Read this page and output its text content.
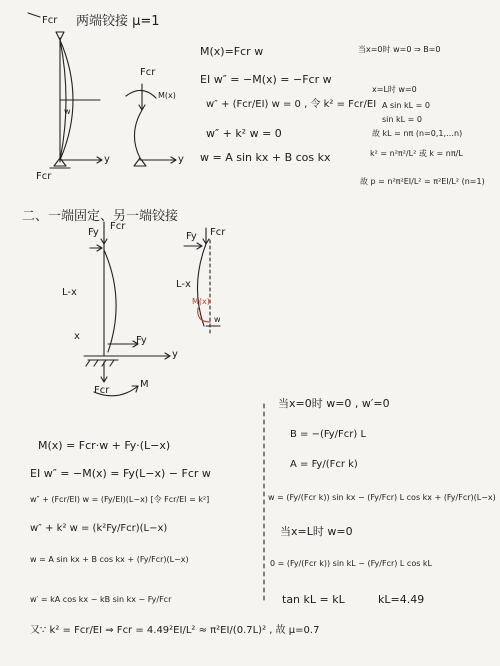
Fcr 两端铰接 μ=1
w
Fcr
y
Fcr
M(x)
y
M(x)=Fcr w
EI w″ = −M(x) = −Fcr w
w″ + (Fcr/EI) w = 0 , 令 k² = Fcr/EI
w″ + k² w = 0
w = A sin kx + B cos kx
当x=0时 w=0 ⇒ B=0
x=L时 w=0
A sin kL = 0
sin kL = 0
故 kL = nπ (n=0,1,…n)
k² = n²π²/L² 或 k = nπ/L
故 p = n²π²EI/L² = π²EI/L² (n=1)
二、一端固定、另一端铰接
Fy
Fcr
L-x
x	Fy
y
Fcr
M
Fy Fcr
L-x
M(x)
w
M(x) = Fcr·w + Fy·(L−x)
EI w″ = −M(x) = Fy(L−x) − Fcr w
w″ + (Fcr/EI) w = (Fy/EI)(L−x) [令 Fcr/EI = k²]
w″ + k² w = (k²Fy/Fcr)(L−x)
w = A sin kx + B cos kx + (Fy/Fcr)(L−x)
w′ = kA cos kx − kB sin kx − Fy/Fcr
又∵ k² = Fcr/EI ⇒ Fcr = 4.49²EI/L² ≈ π²EI/(0.7L)² , 故 μ=0.7
当x=0时 w=0 , w′=0
B = −(Fy/Fcr) L
A = Fy/(Fcr k)
w = (Fy/(Fcr k)) sin kx − (Fy/Fcr) L cos kx + (Fy/Fcr)(L−x)
当x=L时 w=0
0 = (Fy/(Fcr k)) sin kL − (Fy/Fcr) L cos kL
tan kL = kL	kL=4.49
